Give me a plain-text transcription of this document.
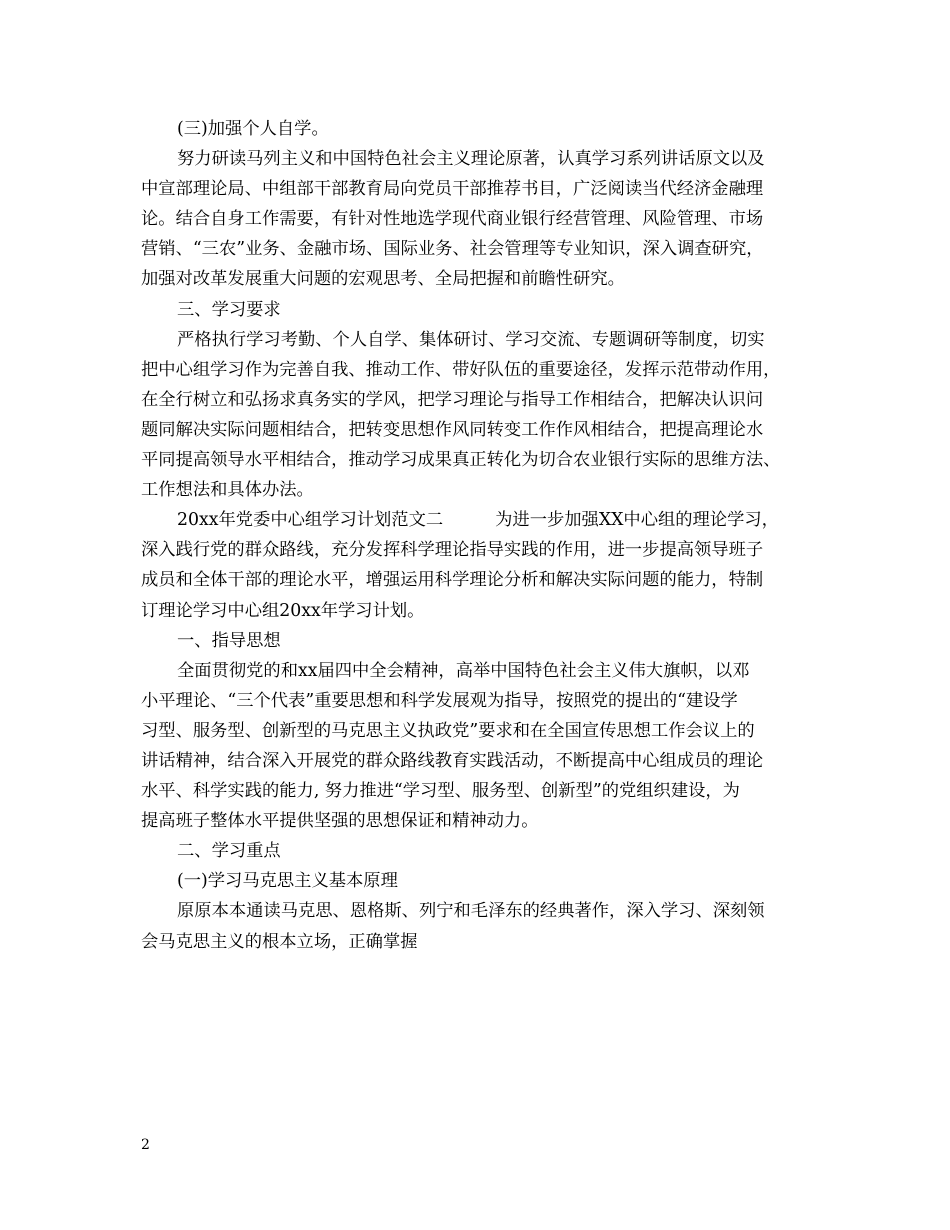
(三)加强个人自学。

努力研读马列主义和中国特色社会主义理论原著，认真学习系列讲话原文以及
中宣部理论局、中组部干部教育局向党员干部推荐书目，广泛阅读当代经济金融理
论。结合自身工作需要，有针对性地选学现代商业银行经营管理、风险管理、市场
营销、“三农”业务、金融市场、国际业务、社会管理等专业知识，深入调查研究，
加强对改革发展重大问题的宏观思考、全局把握和前瞻性研究。

三、学习要求

严格执行学习考勤、个人自学、集体研讨、学习交流、专题调研等制度，切实
把中心组学习作为完善自我、推动工作、带好队伍的重要途径，发挥示范带动作用，
在全行树立和弘扬求真务实的学风，把学习理论与指导工作相结合，把解决认识问
题同解决实际问题相结合，把转变思想作风同转变工作作风相结合，把提高理论水
平同提高领导水平相结合，推动学习成果真正转化为切合农业银行实际的思维方法、
工作想法和具体办法。

20xx年党委中心组学习计划范文二	为进一步加强XX中心组的理论学习，
深入践行党的群众路线，充分发挥科学理论指导实践的作用，进一步提高领导班子
成员和全体干部的理论水平，增强运用科学理论分析和解决实际问题的能力，特制
订理论学习中心组20xx年学习计划。

一、指导思想

全面贯彻党的和xx届四中全会精神，高举中国特色社会主义伟大旗帜，以邓
小平理论、“三个代表”重要思想和科学发展观为指导，按照党的提出的“建设学
习型、服务型、创新型的马克思主义执政党”要求和在全国宣传思想工作会议上的
讲话精神，结合深入开展党的群众路线教育实践活动，不断提高中心组成员的理论
水平、科学实践的能力, 努力推进“学习型、服务型、创新型”的党组织建设，为
提高班子整体水平提供坚强的思想保证和精神动力。

二、学习重点

(一)学习马克思主义基本原理

原原本本通读马克思、恩格斯、列宁和毛泽东的经典著作，深入学习、深刻领
会马克思主义的根本立场，正确掌握

2
